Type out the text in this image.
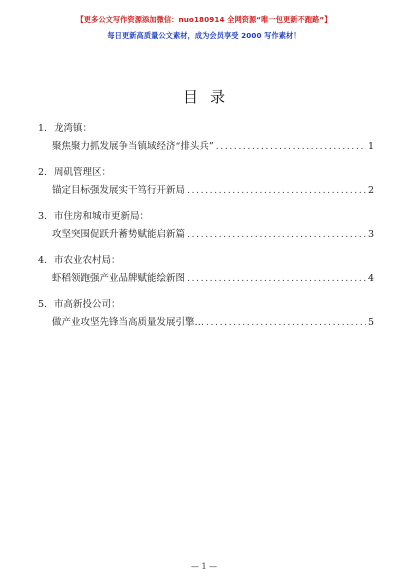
【更多公文写作资源添加微信：nuo180914 全网资源“唯一包更新不跑路”】
每日更新高质量公文素材，成为会员享受 2000 写作素材！
目录
1. 龙湾镇：
聚焦聚力抓发展争当镇域经济“排头兵” .....	1
2. 周矶管理区：
锚定目标强发展实干笃行开新局 .....	2
3. 市住房和城市更新局：
攻坚突围促跃升蓄势赋能启新篇 .....	3
4. 市农业农村局：
虾稻领跑强产业品牌赋能绘新图 .....	4
5. 市高新投公司：
做产业攻坚先锋当高质量发展引擎… .....	5
— 1 —
